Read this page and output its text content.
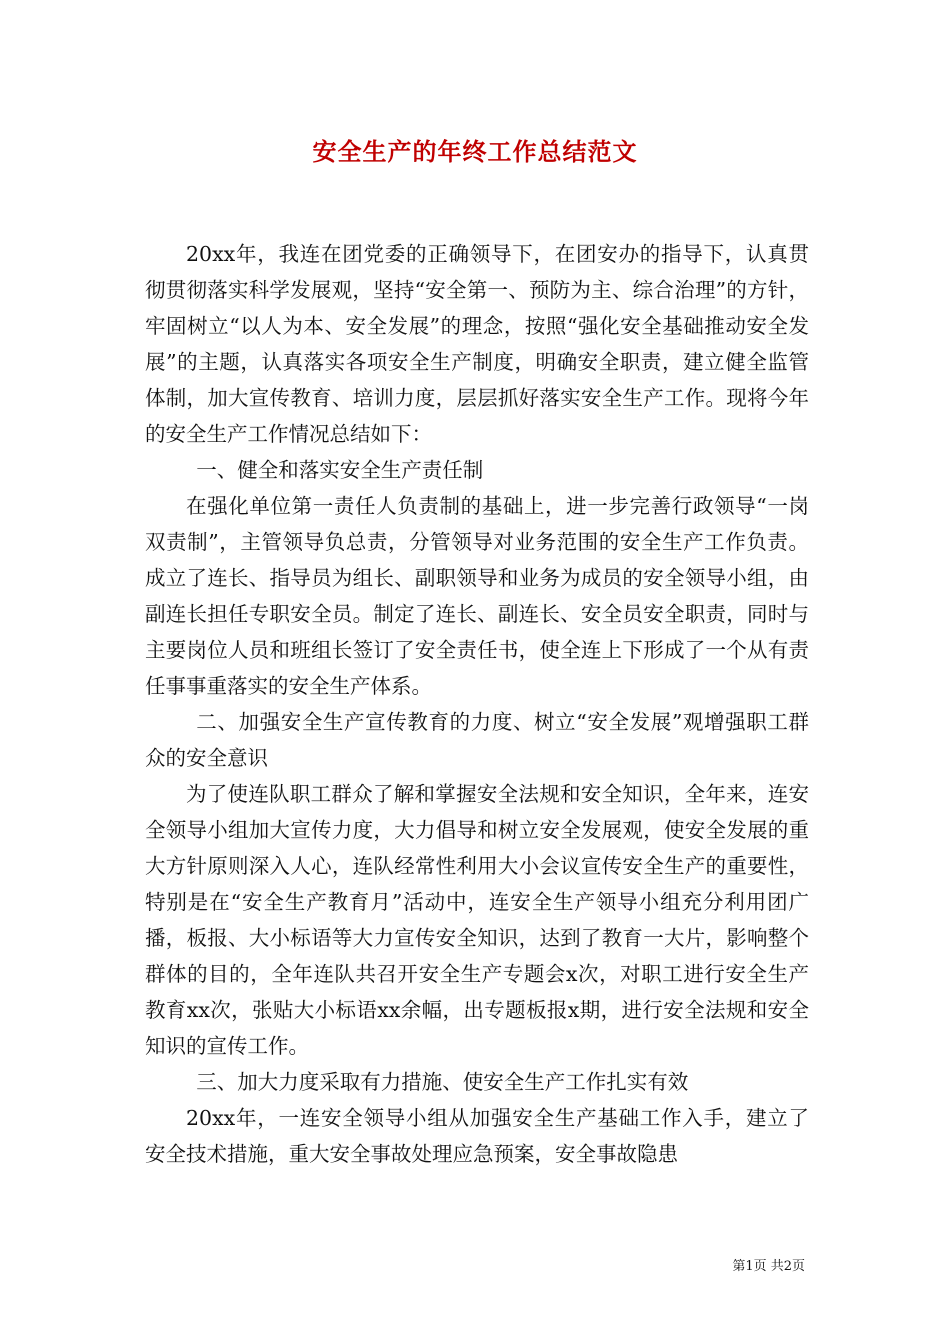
安全生产的年终工作总结范文

20xx年，我连在团党委的正确领导下，在团安办的指导下，认真贯彻贯彻落实科学发展观，坚持“安全第一、预防为主、综合治理”的方针，牢固树立“以人为本、安全发展”的理念，按照“强化安全基础推动安全发展”的主题，认真落实各项安全生产制度，明确安全职责，建立健全监管体制，加大宣传教育、培训力度，层层抓好落实安全生产工作。现将今年的安全生产工作情况总结如下：

一、健全和落实安全生产责任制

在强化单位第一责任人负责制的基础上，进一步完善行政领导“一岗双责制”，主管领导负总责，分管领导对业务范围的安全生产工作负责。成立了连长、指导员为组长、副职领导和业务为成员的安全领导小组，由副连长担任专职安全员。制定了连长、副连长、安全员安全职责，同时与主要岗位人员和班组长签订了安全责任书，使全连上下形成了一个从有责任事事重落实的安全生产体系。

二、加强安全生产宣传教育的力度、树立“安全发展”观增强职工群众的安全意识

为了使连队职工群众了解和掌握安全法规和安全知识，全年来，连安全领导小组加大宣传力度，大力倡导和树立安全发展观，使安全发展的重大方针原则深入人心，连队经常性利用大小会议宣传安全生产的重要性，特别是在“安全生产教育月”活动中，连安全生产领导小组充分利用团广播，板报、大小标语等大力宣传安全知识，达到了教育一大片，影响整个群体的目的，全年连队共召开安全生产专题会x次，对职工进行安全生产教育xx次，张贴大小标语xx余幅，出专题板报x期，进行安全法规和安全知识的宣传工作。

三、加大力度采取有力措施、使安全生产工作扎实有效

20xx年，一连安全领导小组从加强安全生产基础工作入手，建立了安全技术措施，重大安全事故处理应急预案，安全事故隐患

第1页 共2页
